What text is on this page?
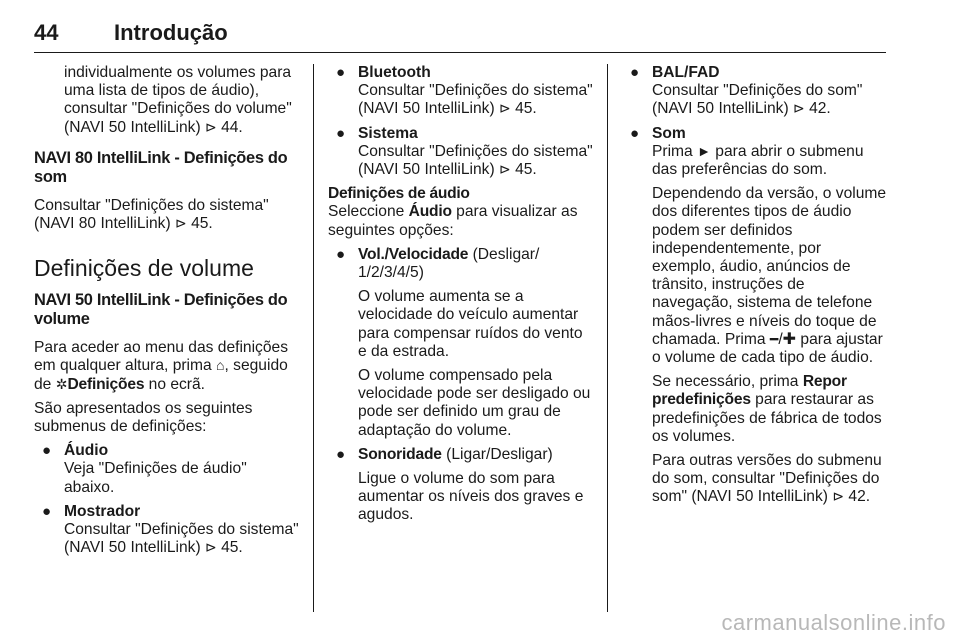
44	Introdução

individualmente os volumes para uma lista de tipos de áudio), consultar "Definições do volume" (NAVI 50 IntelliLink) ⊳ 44.

NAVI 80 IntelliLink - Definições do som

Consultar "Definições do sistema" (NAVI 80 IntelliLink) ⊳ 45.

Definições de volume
NAVI 50 IntelliLink - Definições do volume

Para aceder ao menu das definições em qualquer altura, prima ⌂, seguido de ✲Definições no ecrã.

São apresentados os seguintes submenus de definições:

● Áudio
Veja "Definições de áudio" abaixo.
● Mostrador
Consultar "Definições do sistema" (NAVI 50 IntelliLink) ⊳ 45.
● Bluetooth
Consultar "Definições do sistema" (NAVI 50 IntelliLink) ⊳ 45.
● Sistema
Consultar "Definições do sistema" (NAVI 50 IntelliLink) ⊳ 45.
Definições de áudio

Seleccione Áudio para visualizar as seguintes opções:

● Vol./Velocidade (Desligar/ 1/2/3/4/5)

O volume aumenta se a velocidade do veículo aumentar para compensar ruídos do vento e da estrada.

O volume compensado pela velocidade pode ser desligado ou pode ser definido um grau de adaptação do volume.

● Sonoridade (Ligar/Desligar)

Ligue o volume do som para aumentar os níveis dos graves e agudos.

● BAL/FAD
Consultar "Definições do som" (NAVI 50 IntelliLink) ⊳ 42.
● Som

Prima ► para abrir o submenu das preferências do som.

Dependendo da versão, o volume dos diferentes tipos de áudio podem ser definidos independentemente, por exemplo, áudio, anúncios de trânsito, instruções de navegação, sistema de telefone mãos-livres e níveis do toque de chamada. Prima ━/✚ para ajustar o volume de cada tipo de áudio.

Se necessário, prima Repor predefinições para restaurar as predefinições de fábrica de todos os volumes.

Para outras versões do submenu do som, consultar "Definições do som" (NAVI 50 IntelliLink) ⊳ 42.

carmanualsonline.info
